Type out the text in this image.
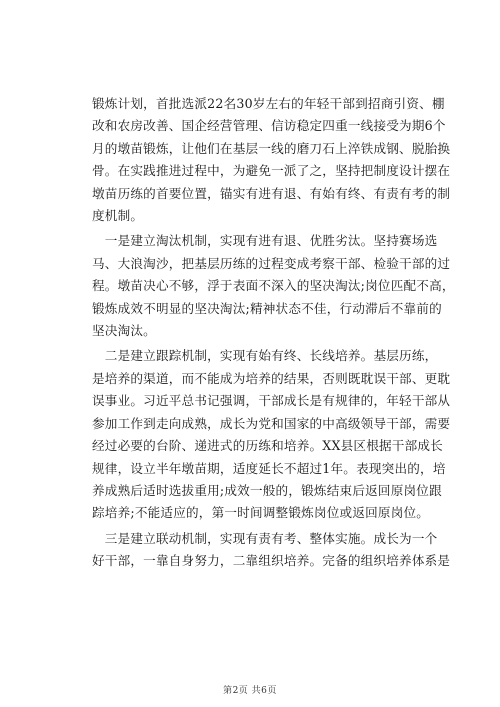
锻炼计划，首批选派22名30岁左右的年轻干部到招商引资、棚
改和农房改善、国企经营管理、信访稳定四重一线接受为期6个
月的墩苗锻炼，让他们在基层一线的磨刀石上淬铁成钢、脱胎换
骨。在实践推进过程中，为避免一派了之，坚持把制度设计摆在
墩苗历练的首要位置，锚实有进有退、有始有终、有责有考的制
度机制。
　一是建立淘汰机制，实现有进有退、优胜劣汰。坚持赛场选
马、大浪淘沙，把基层历练的过程变成考察干部、检验干部的过
程。墩苗决心不够，浮于表面不深入的坚决淘汰;岗位匹配不高，
锻炼成效不明显的坚决淘汰;精神状态不佳，行动滞后不靠前的
坚决淘汰。
　二是建立跟踪机制，实现有始有终、长线培养。基层历练，
是培养的渠道，而不能成为培养的结果，否则既耽误干部、更耽
误事业。习近平总书记强调，干部成长是有规律的，年轻干部从
参加工作到走向成熟，成长为党和国家的中高级领导干部，需要
经过必要的台阶、递进式的历练和培养。XX县区根据干部成长
规律，设立半年墩苗期，适度延长不超过1年。表现突出的，培
养成熟后适时选拔重用;成效一般的，锻炼结束后返回原岗位跟
踪培养;不能适应的，第一时间调整锻炼岗位或返回原岗位。
　三是建立联动机制，实现有责有考、整体实施。成长为一个
好干部，一靠自身努力，二靠组织培养。完备的组织培养体系是
第2页 共6页
